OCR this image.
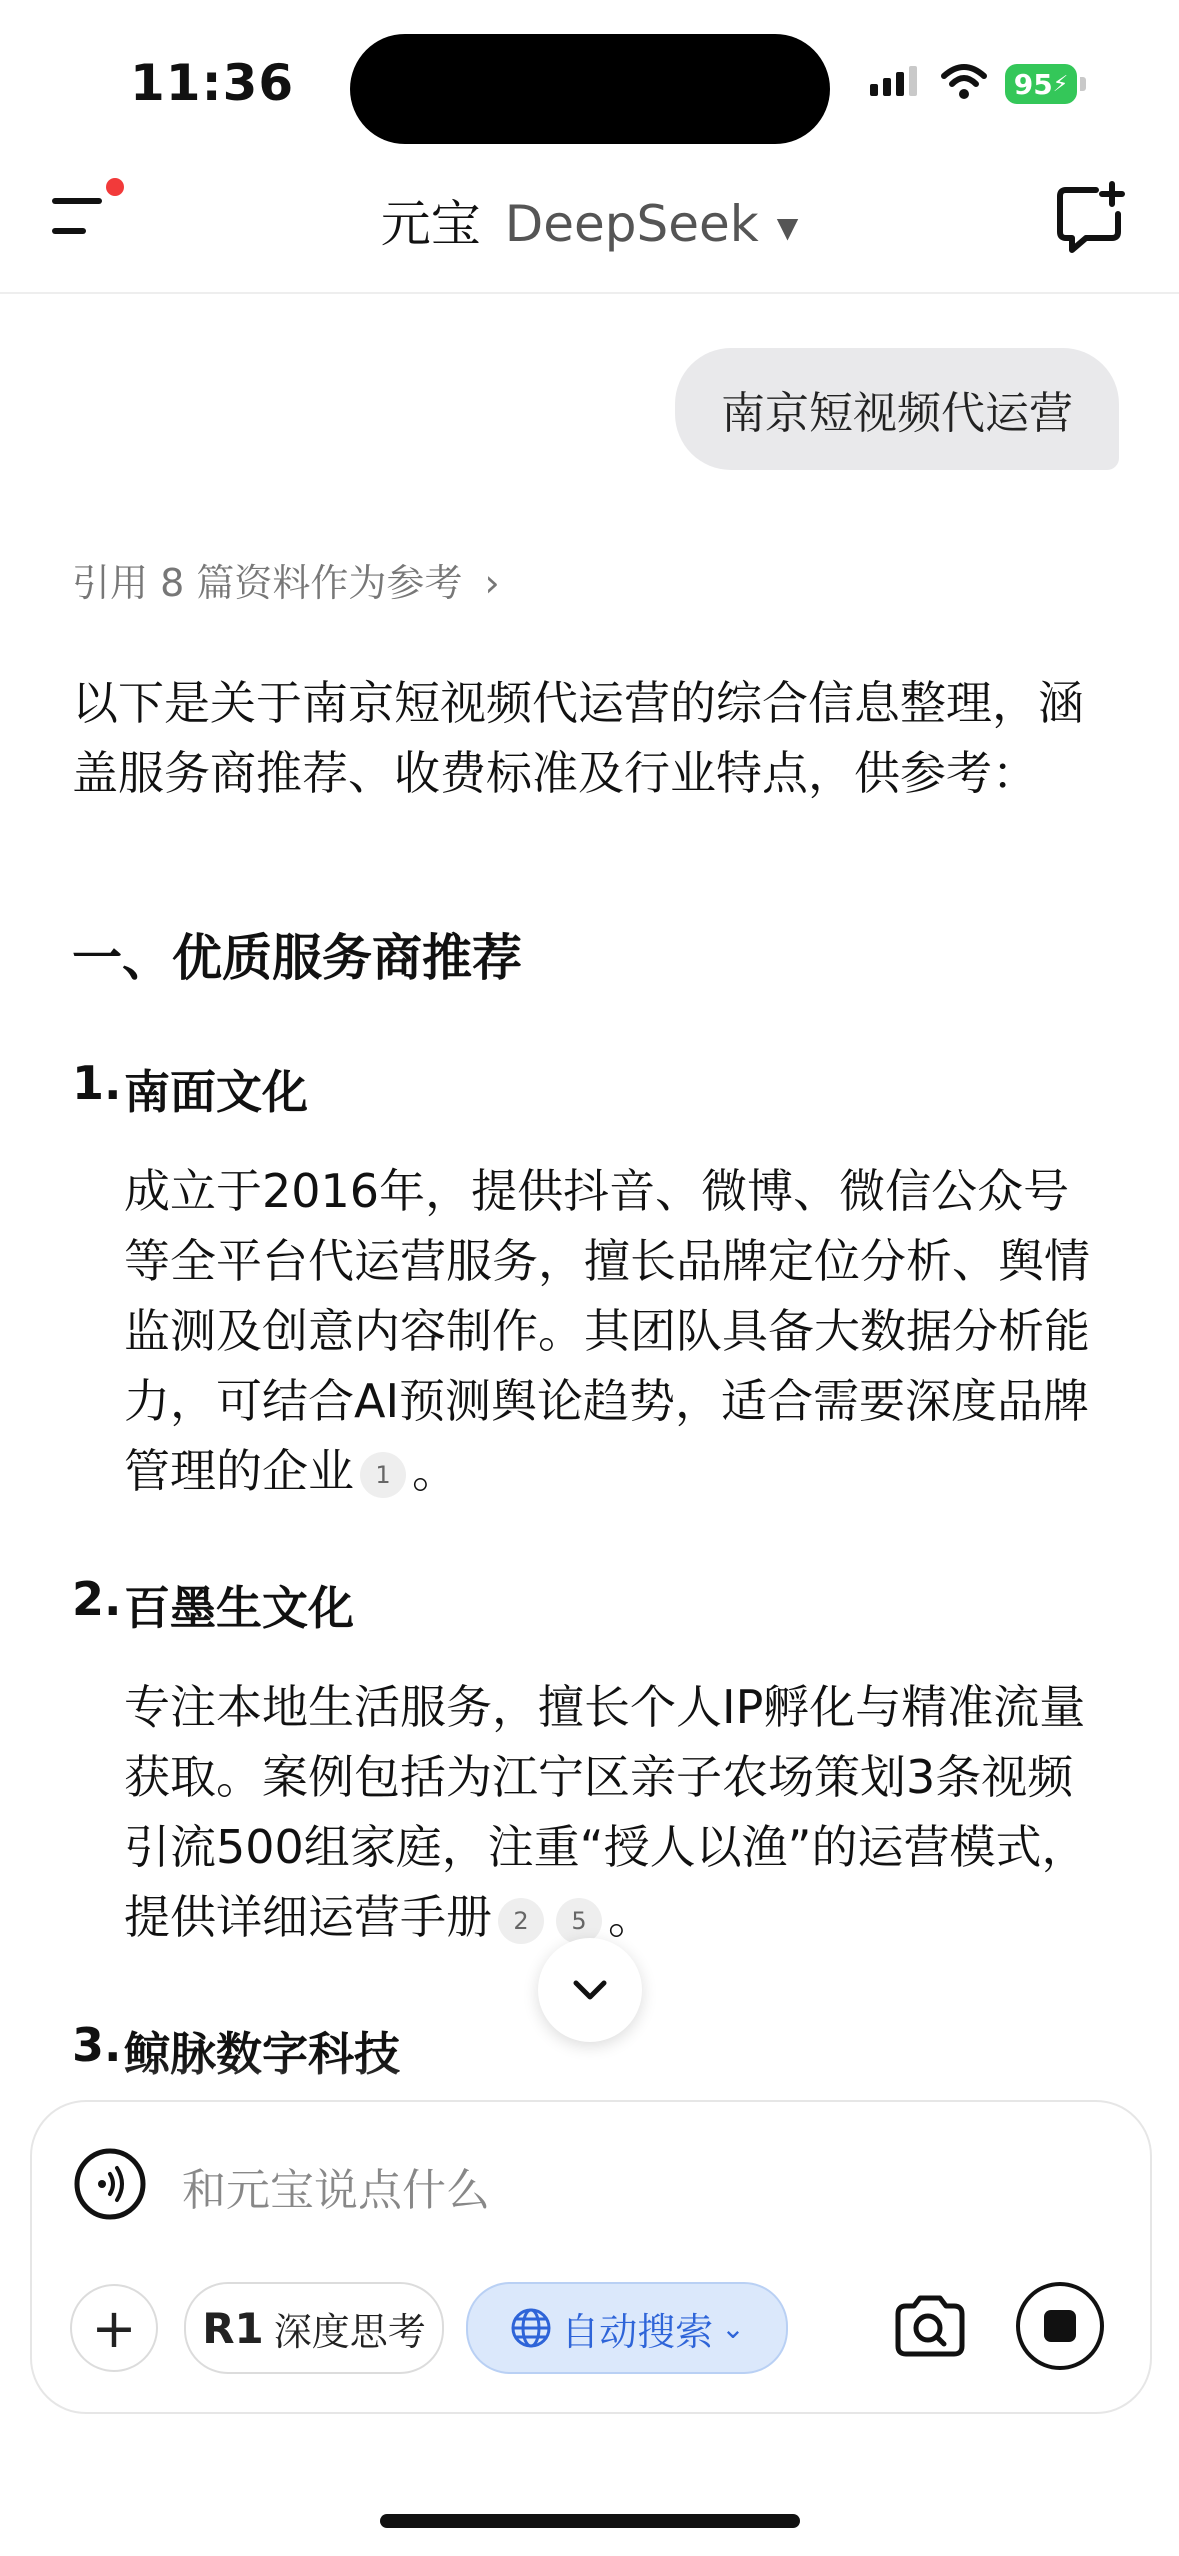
11:36	95 ⚡
元宝 DeepSeek ▼
南京短视频代运营
引用 8 篇资料作为参考 ›

以下是关于南京短视频代运营的综合信息整理，涵盖服务商推荐、收费标准及行业特点，供参考：

一、优质服务商推荐
1. 南面文化
成立于2016年，提供抖音、微博、微信公众号等全平台代运营服务，擅长品牌定位分析、舆情监测及创意内容制作。其团队具备大数据分析能力，可结合AI预测舆论趋势，适合需要深度品牌管理的企业 1 。
2. 百墨生文化
专注本地生活服务，擅长个人IP孵化与精准流量获取。案例包括为江宁区亲子农场策划3条视频引流500组家庭，注重“授人以渔”的运营模式，提供详细运营手册 2 5 。
3. 鲸脉数字科技
和元宝说点什么
+ R1 深度思考	自动搜索 ⌄
